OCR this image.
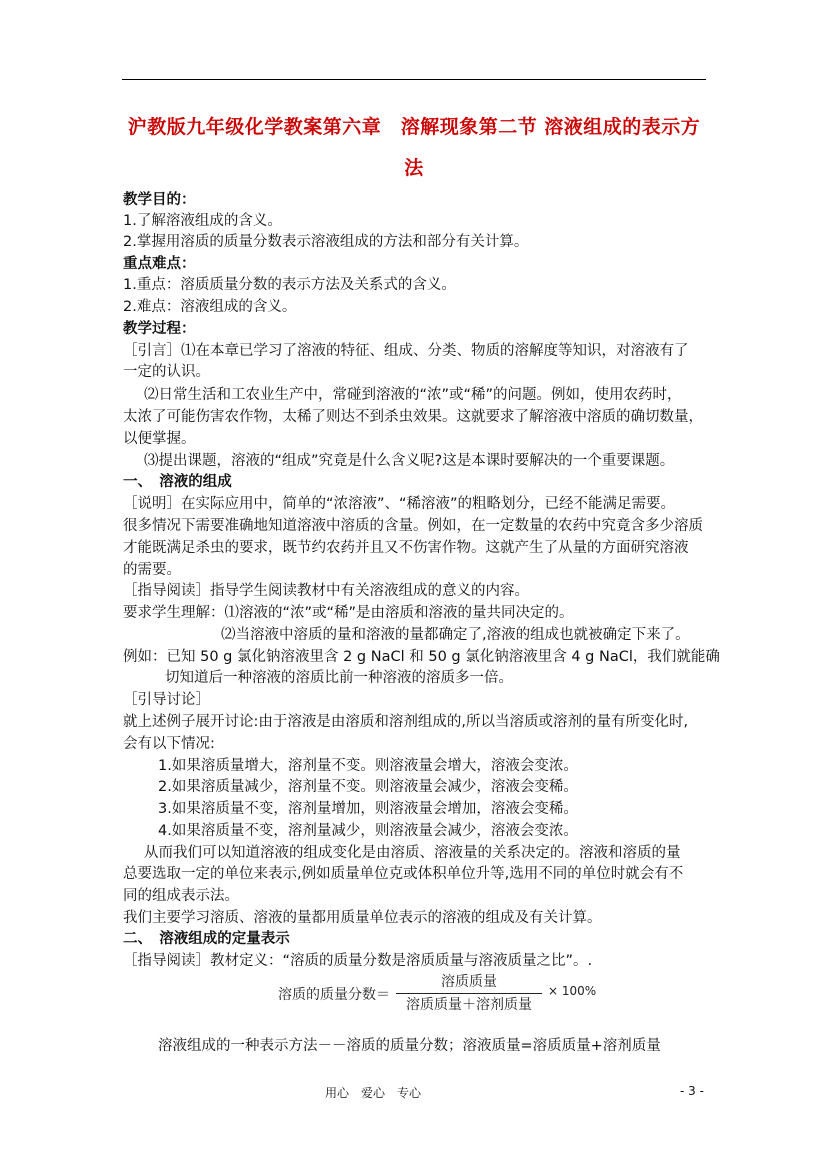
沪教版九年级化学教案第六章　溶解现象第二节 溶液组成的表示方
法
教学目的：
1.了解溶液组成的含义。
2.掌握用溶质的质量分数表示溶液组成的方法和部分有关计算。
重点难点：
1.重点：溶质质量分数的表示方法及关系式的含义。
2.难点：溶液组成的含义。
教学过程：
［引言］⑴在本章已学习了溶液的特征、组成、分类、物质的溶解度等知识，对溶液有了
一定的认识。
⑵日常生活和工农业生产中，常碰到溶液的“浓”或“稀”的问题。例如，使用农药时，
太浓了可能伤害农作物，太稀了则达不到杀虫效果。这就要求了解溶液中溶质的确切数量，
以便掌握。
⑶提出课题，溶液的“组成”究竟是什么含义呢?这是本课时要解决的一个重要课题。
一、　溶液的组成
［说明］在实际应用中，简单的“浓溶液”、“稀溶液”的粗略划分，已经不能满足需要。
很多情况下需要准确地知道溶液中溶质的含量。例如，在一定数量的农药中究竟含多少溶质
才能既满足杀虫的要求，既节约农药并且又不伤害作物。这就产生了从量的方面研究溶液
的需要。
［指导阅读］指导学生阅读教材中有关溶液组成的意义的内容。
要求学生理解：⑴溶液的“浓”或“稀”是由溶质和溶液的量共同决定的。
⑵当溶液中溶质的量和溶液的量都确定了,溶液的组成也就被确定下来了。
例如：已知 50 g 氯化钠溶液里含 2 g NaCl 和 50 g 氯化钠溶液里含 4 g NaCl，我们就能确
切知道后一种溶液的溶质比前一种溶液的溶质多一倍。
［引导讨论］
就上述例子展开讨论:由于溶液是由溶质和溶剂组成的,所以当溶质或溶剂的量有所变化时,
会有以下情况:
1.如果溶质量增大，溶剂量不变。则溶液量会增大，溶液会变浓。
2.如果溶质量减少，溶剂量不变。则溶液量会减少，溶液会变稀。
3.如果溶质量不变，溶剂量增加，则溶液量会增加，溶液会变稀。
4.如果溶质量不变，溶剂量减少，则溶液量会减少，溶液会变浓。
从而我们可以知道溶液的组成变化是由溶质、溶液量的关系决定的。溶液和溶质的量
总要选取一定的单位来表示,例如质量单位克或体积单位升等,选用不同的单位时就会有不
同的组成表示法。
我们主要学习溶质、溶液的量都用质量单位表示的溶液的组成及有关计算。
二、　溶液组成的定量表示
［指导阅读］教材定义：“溶质的质量分数是溶质质量与溶液质量之比”。.
溶质的质量分数＝
溶质质量
溶质质量＋溶剂质量
× 100%
溶液组成的一种表示方法－－溶质的质量分数；溶液质量=溶质质量+溶剂质量
用心　爱心　专心	- 3 -
